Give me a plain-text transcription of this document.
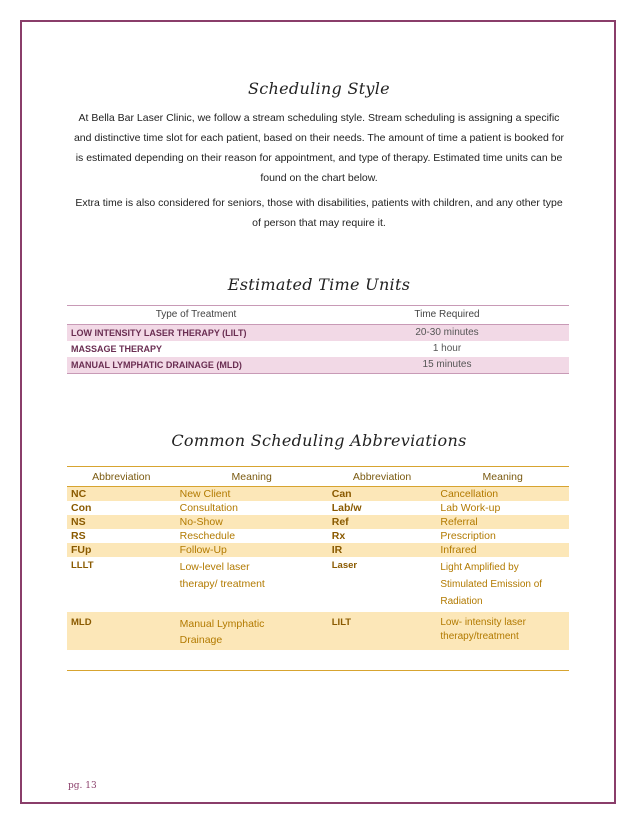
Scheduling Style
At Bella Bar Laser Clinic, we follow a stream scheduling style. Stream scheduling is assigning a specific and distinctive time slot for each patient, based on their needs. The amount of time a patient is booked for is estimated depending on their reason for appointment, and type of therapy. Estimated time units can be found on the chart below.
Extra time is also considered for seniors, those with disabilities, patients with children, and any other type of person that may require it.
Estimated Time Units
Type of Treatment	Time Required
LOW INTENSITY LASER THERAPY (LILT)	20-30 minutes
MASSAGE THERAPY	1 hour
MANUAL LYMPHATIC DRAINAGE (MLD)	15 minutes
Common Scheduling Abbreviations
Abbreviation	Meaning	Abbreviation	Meaning
NC	New Client	Can	Cancellation
Con	Consultation	Lab/w	Lab Work-up
NS	No-Show	Ref	Referral
RS	Reschedule	Rx	Prescription
FUp	Follow-Up	IR	Infrared
LLLT	Low-level laser therapy/ treatment	Laser	Light Amplified by Stimulated Emission of Radiation
MLD	Manual Lymphatic Drainage	LILT	Low- intensity laser therapy/treatment

pg. 13
